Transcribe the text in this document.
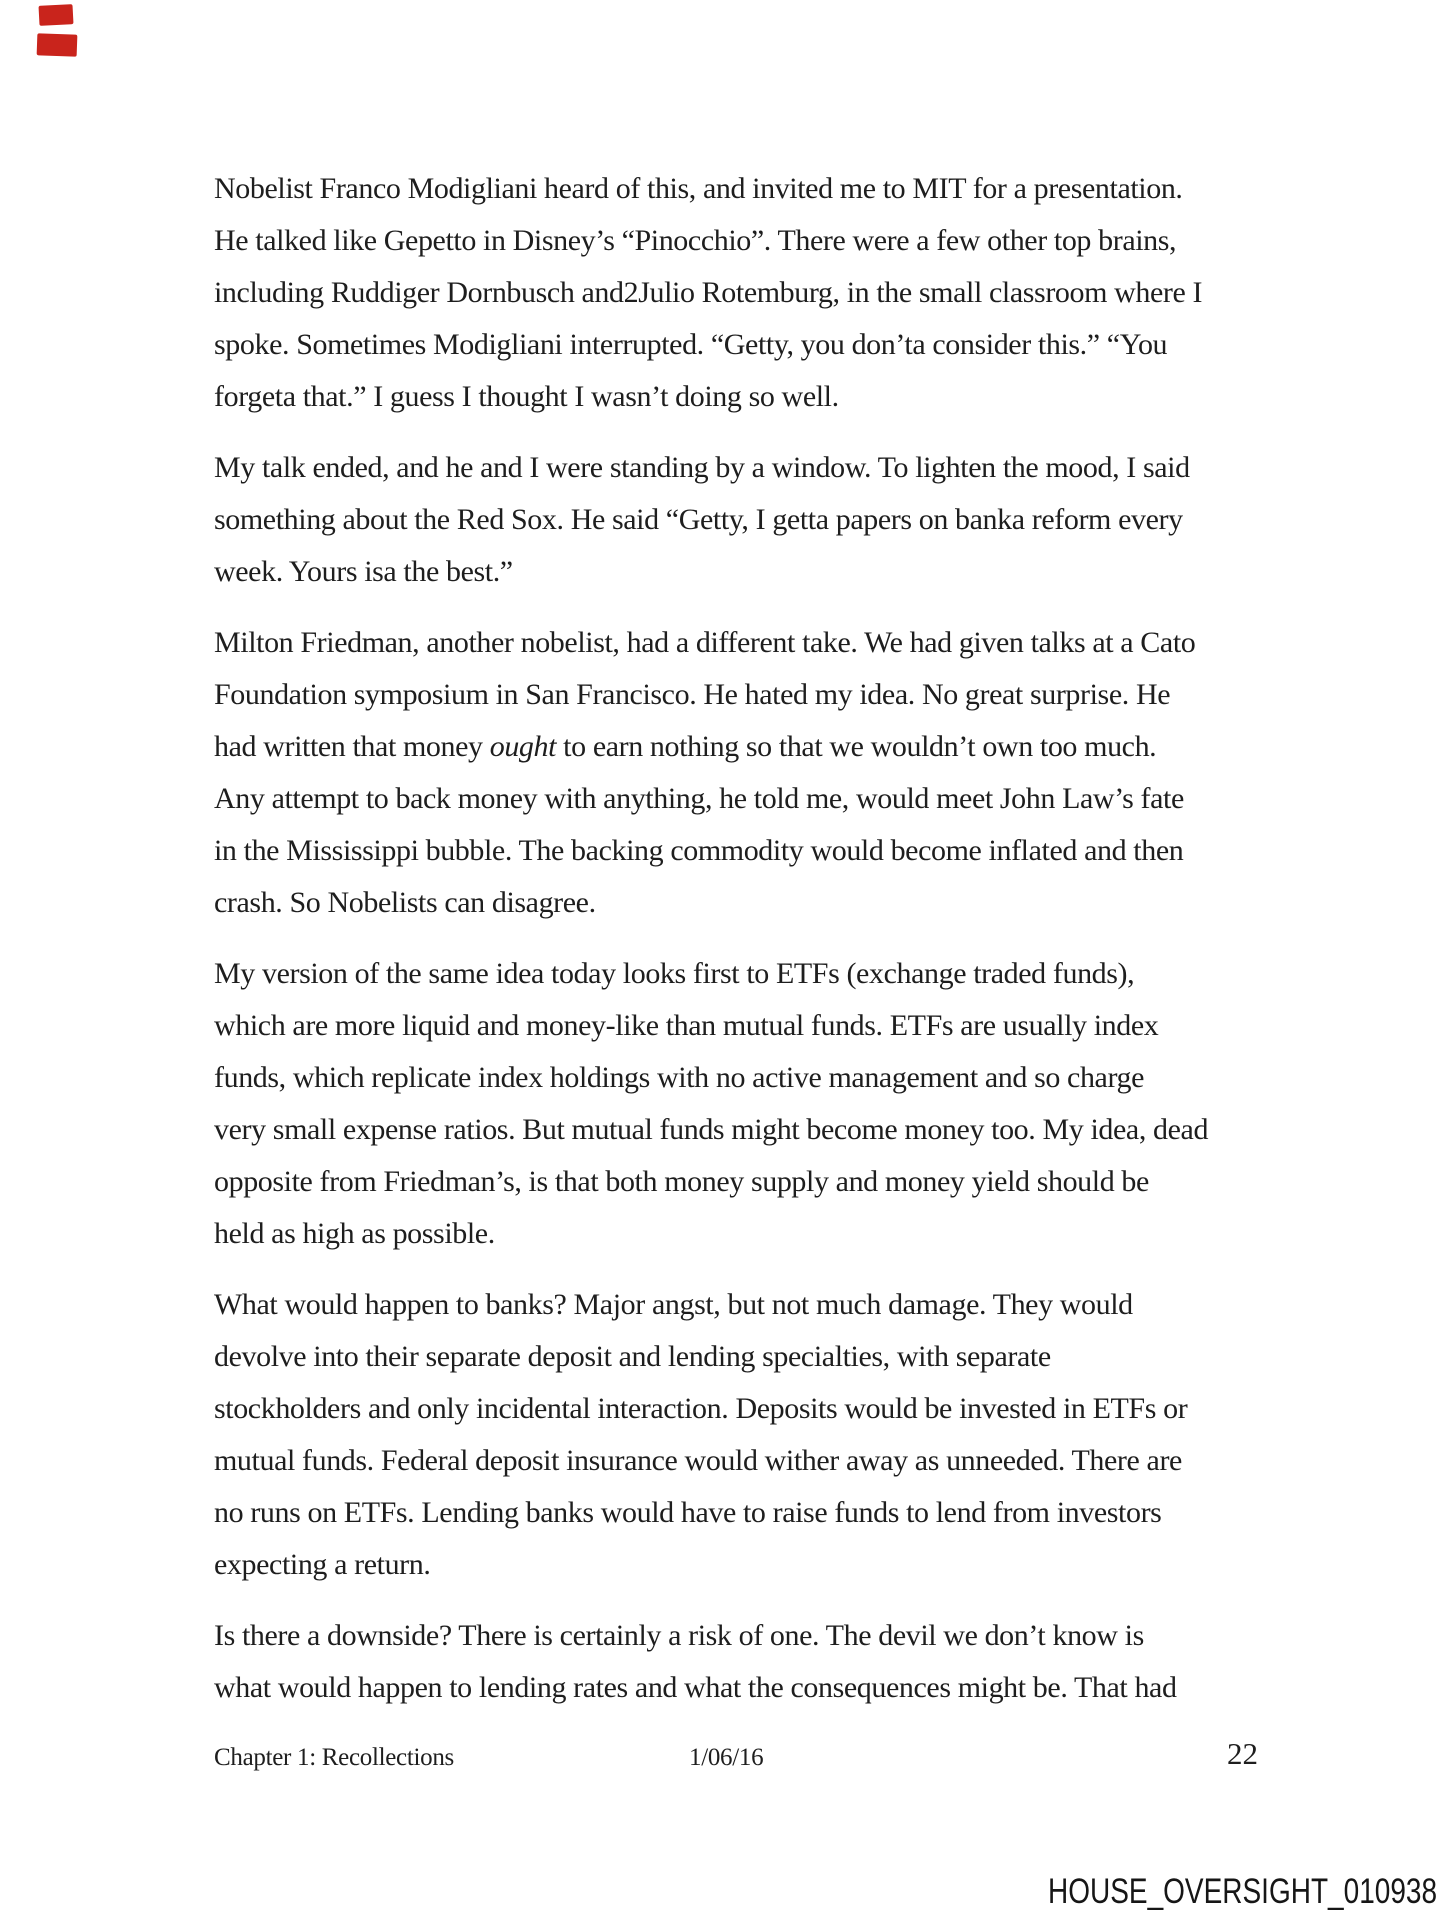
Nobelist Franco Modigliani heard of this, and invited me to MIT for a presentation.
He talked like Gepetto in Disney’s “Pinocchio”. There were a few other top brains,
including Ruddiger Dornbusch and2Julio Rotemburg, in the small classroom where I
spoke. Sometimes Modigliani interrupted. “Getty, you don’ta consider this.” “You
forgeta that.” I guess I thought I wasn’t doing so well.
My talk ended, and he and I were standing by a window. To lighten the mood, I said
something about the Red Sox. He said “Getty, I getta papers on banka reform every
week. Yours isa the best.”
Milton Friedman, another nobelist, had a different take. We had given talks at a Cato
Foundation symposium in San Francisco. He hated my idea. No great surprise. He
had written that money ought to earn nothing so that we wouldn’t own too much.
Any attempt to back money with anything, he told me, would meet John Law’s fate
in the Mississippi bubble. The backing commodity would become inflated and then
crash. So Nobelists can disagree.
My version of the same idea today looks first to ETFs (exchange traded funds),
which are more liquid and money-like than mutual funds. ETFs are usually index
funds, which replicate index holdings with no active management and so charge
very small expense ratios. But mutual funds might become money too. My idea, dead
opposite from Friedman’s, is that both money supply and money yield should be
held as high as possible.
What would happen to banks? Major angst, but not much damage. They would
devolve into their separate deposit and lending specialties, with separate
stockholders and only incidental interaction. Deposits would be invested in ETFs or
mutual funds. Federal deposit insurance would wither away as unneeded. There are
no runs on ETFs. Lending banks would have to raise funds to lend from investors
expecting a return.
Is there a downside? There is certainly a risk of one. The devil we don’t know is
what would happen to lending rates and what the consequences might be. That had
Chapter 1: Recollections	1/06/16	22
HOUSE_OVERSIGHT_010938
